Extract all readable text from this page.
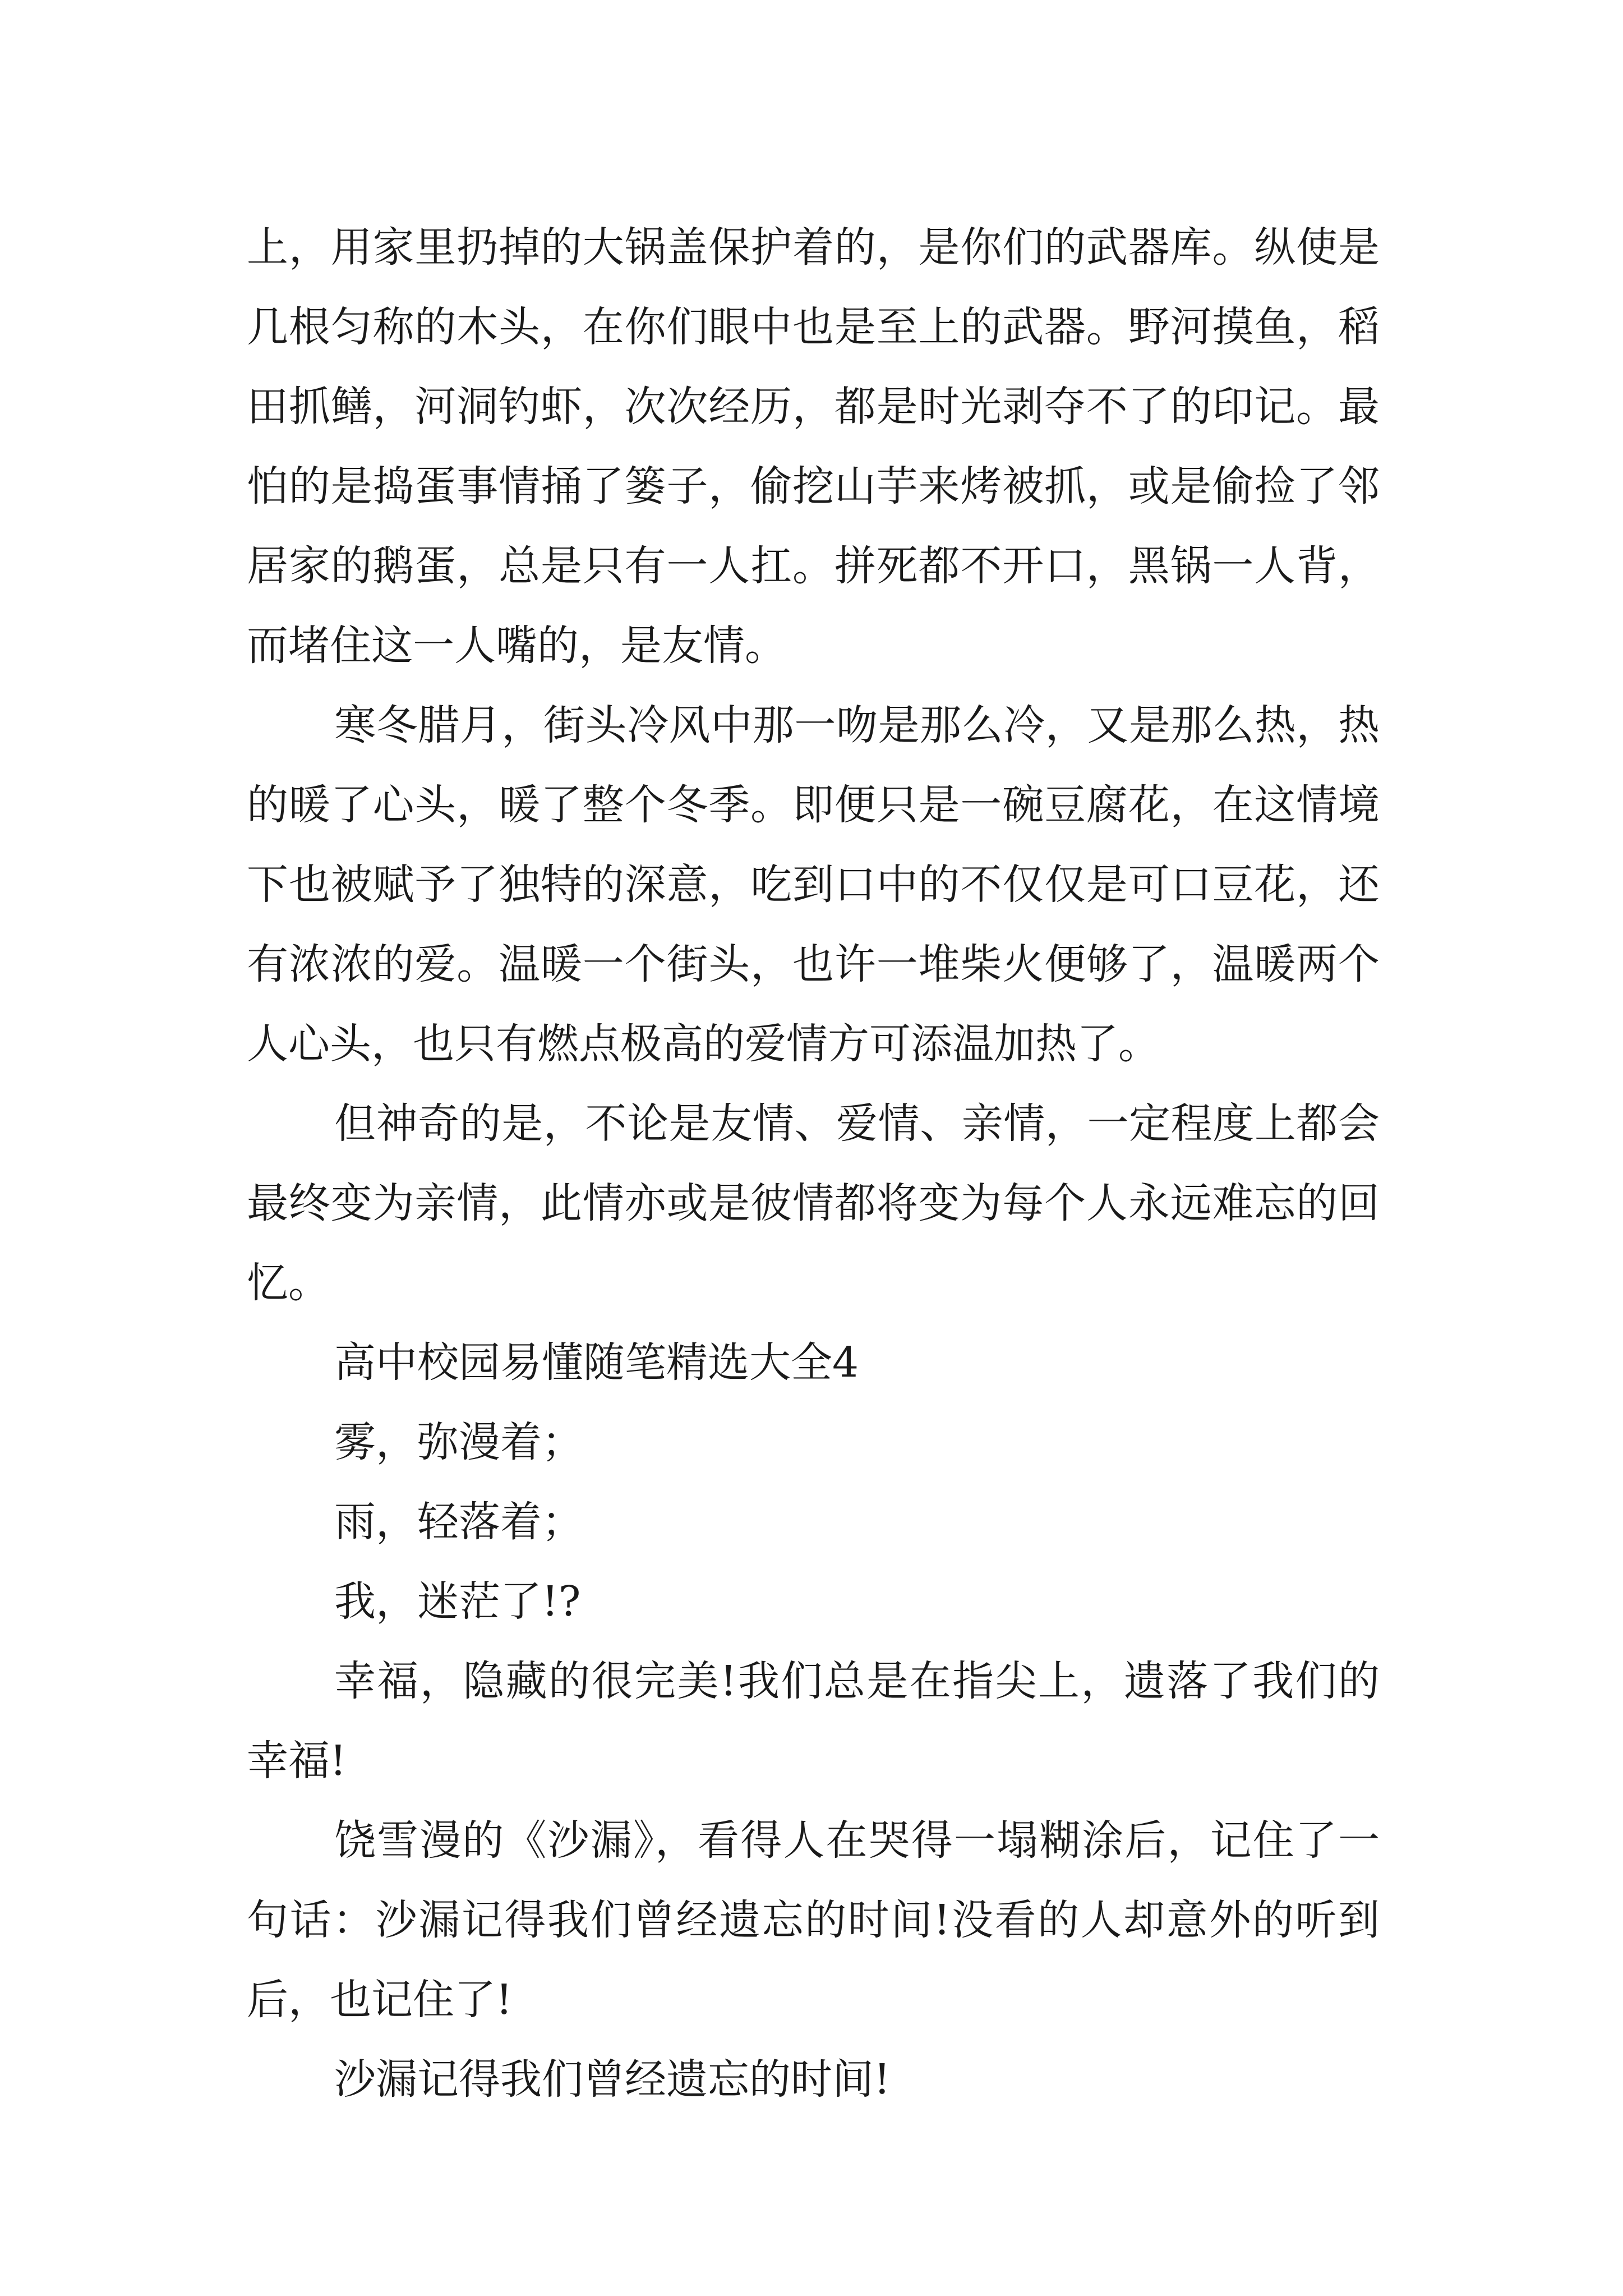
上，用家里扔掉的大锅盖保护着的，是你们的武器库。纵使是几根匀称的木头，在你们眼中也是至上的武器。野河摸鱼，稻田抓鳝，河洞钓虾，次次经历，都是时光剥夺不了的印记。最怕的是捣蛋事情捅了篓子，偷挖山芋来烤被抓，或是偷捡了邻居家的鹅蛋，总是只有一人扛。拼死都不开口，黑锅一人背，而堵住这一人嘴的，是友情。

寒冬腊月，街头冷风中那一吻是那么冷，又是那么热，热的暖了心头，暖了整个冬季。即便只是一碗豆腐花，在这情境下也被赋予了独特的深意，吃到口中的不仅仅是可口豆花，还有浓浓的爱。温暖一个街头，也许一堆柴火便够了，温暖两个人心头，也只有燃点极高的爱情方可添温加热了。

但神奇的是，不论是友情、爱情、亲情，一定程度上都会最终变为亲情，此情亦或是彼情都将变为每个人永远难忘的回忆。

高中校园易懂随笔精选大全4

雾，弥漫着；

雨，轻落着；

我，迷茫了!?

幸福，隐藏的很完美!我们总是在指尖上，遗落了我们的幸福!

饶雪漫的《沙漏》，看得人在哭得一塌糊涂后，记住了一句话：沙漏记得我们曾经遗忘的时间!没看的人却意外的听到后，也记住了!

沙漏记得我们曾经遗忘的时间!
